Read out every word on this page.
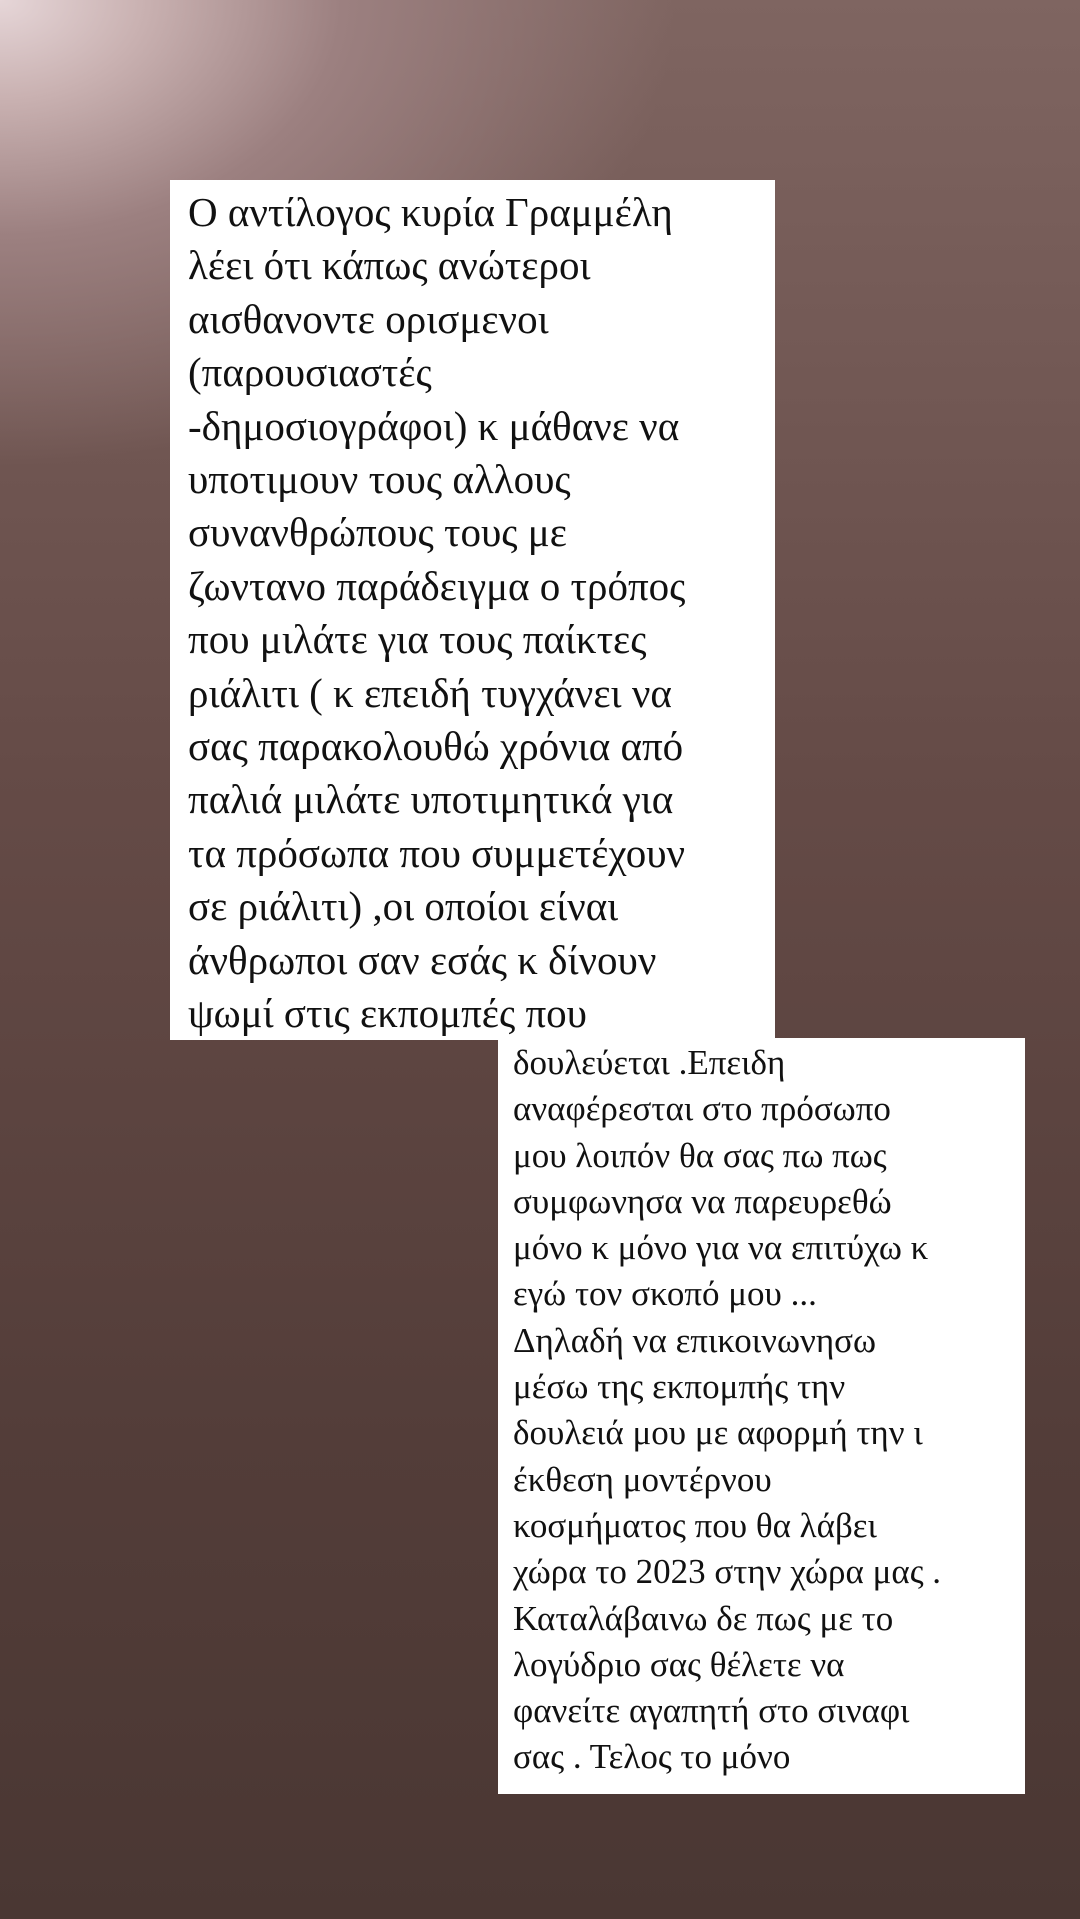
Ο αντίλογος κυρία Γραμμέλη
λέει ότι κάπως ανώτεροι
αισθανοντε ορισμενοι
(παρουσιαστές
-δημοσιογράφοι) κ μάθανε να
υποτιμουν τους αλλους
συνανθρώπους τους με
ζωντανο παράδειγμα ο τρόπος
που μιλάτε για τους παίκτες
ριάλιτι ( κ επειδή τυγχάνει να
σας παρακολουθώ χρόνια από
παλιά μιλάτε υποτιμητικά για
τα πρόσωπα που συμμετέχουν
σε ριάλιτι) ,οι οποίοι είναι
άνθρωποι σαν εσάς κ δίνουν
ψωμί στις εκπομπές που
δουλεύεται .Επειδη
αναφέρεσται στο πρόσωπο
μου λοιπόν θα σας πω πως
συμφωνησα να παρευρεθώ
μόνο κ μόνο για να επιτύχω κ
εγώ τον σκοπό μου ...
Δηλαδή να επικοινωνησω
μέσω της εκπομπής την
δουλειά μου με αφορμή την ι
έκθεση μοντέρνου
κοσμήματος που θα λάβει
χώρα το 2023 στην χώρα μας .
Καταλάβαινω δε πως με το
λογύδριο σας θέλετε να
φανείτε αγαπητή στο σιναφι
σας . Τελος το μόνο
